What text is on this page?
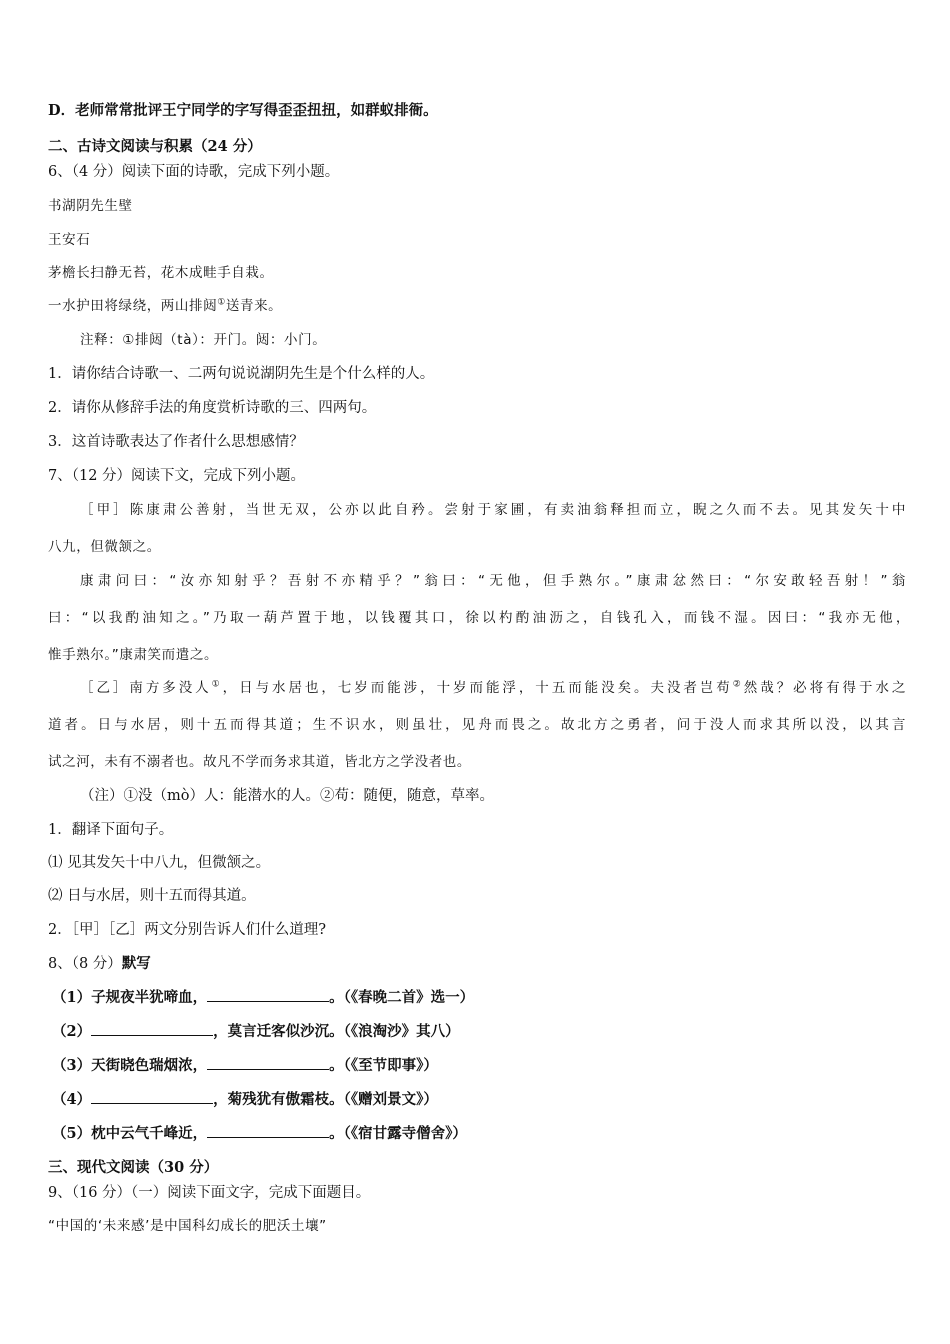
D．老师常常批评王宁同学的字写得歪歪扭扭，如群蚁排衙。
二、古诗文阅读与积累（24 分）
6、（4 分）阅读下面的诗歌，完成下列小题。
书湖阴先生壁
王安石
茅檐长扫静无苔，花木成畦手自栽。
一水护田将绿绕，两山排闼①送青来。
注释：①排闼（tà）：开门。闼：小门。
1．请你结合诗歌一、二两句说说湖阴先生是个什么样的人。
2．请你从修辞手法的角度赏析诗歌的三、四两句。
3．这首诗歌表达了作者什么思想感情？
7、（12 分）阅读下文，完成下列小题。
［甲］陈康肃公善射，当世无双，公亦以此自矜。尝射于家圃，有卖油翁释担而立，睨之久而不去。见其发矢十中
八九，但微颔之。
康肃问曰：“汝亦知射乎？吾射不亦精乎？”翁曰：“无他，但手熟尔。”康肃忿然曰：“尔安敢轻吾射！”翁
曰：“以我酌油知之。”乃取一葫芦置于地，以钱覆其口，徐以杓酌油沥之，自钱孔入，而钱不湿。因曰：“我亦无他，
惟手熟尔。”康肃笑而遣之。
［乙］南方多没人①，日与水居也，七岁而能涉，十岁而能浮，十五而能没矣。夫没者岂苟②然哉？必将有得于水之
道者。日与水居，则十五而得其道；生不识水，则虽壮，见舟而畏之。故北方之勇者，问于没人而求其所以没，以其言
试之河，未有不溺者也。故凡不学而务求其道，皆北方之学没者也。
（注）①没（mò）人：能潜水的人。②苟：随便，随意，草率。
1．翻译下面句子。
⑴ 见其发矢十中八九，但微颔之。
⑵ 日与水居，则十五而得其道。
2．［甲］［乙］两文分别告诉人们什么道理?
8、（8 分）默写
（1）子规夜半犹啼血，	。（《春晚二首》选一）
（2）	，莫言迁客似沙沉。（《浪淘沙》其八）
（3）天街晓色瑞烟浓，	。（《至节即事》）
（4）	，菊残犹有傲霜枝。（《赠刘景文》）
（5）枕中云气千峰近，	。（《宿甘露寺僧舍》）
三、现代文阅读（30 分）
9、（16 分）（一）阅读下面文字，完成下面题目。
“中国的‘未来感’是中国科幻成长的肥沃土壤”
